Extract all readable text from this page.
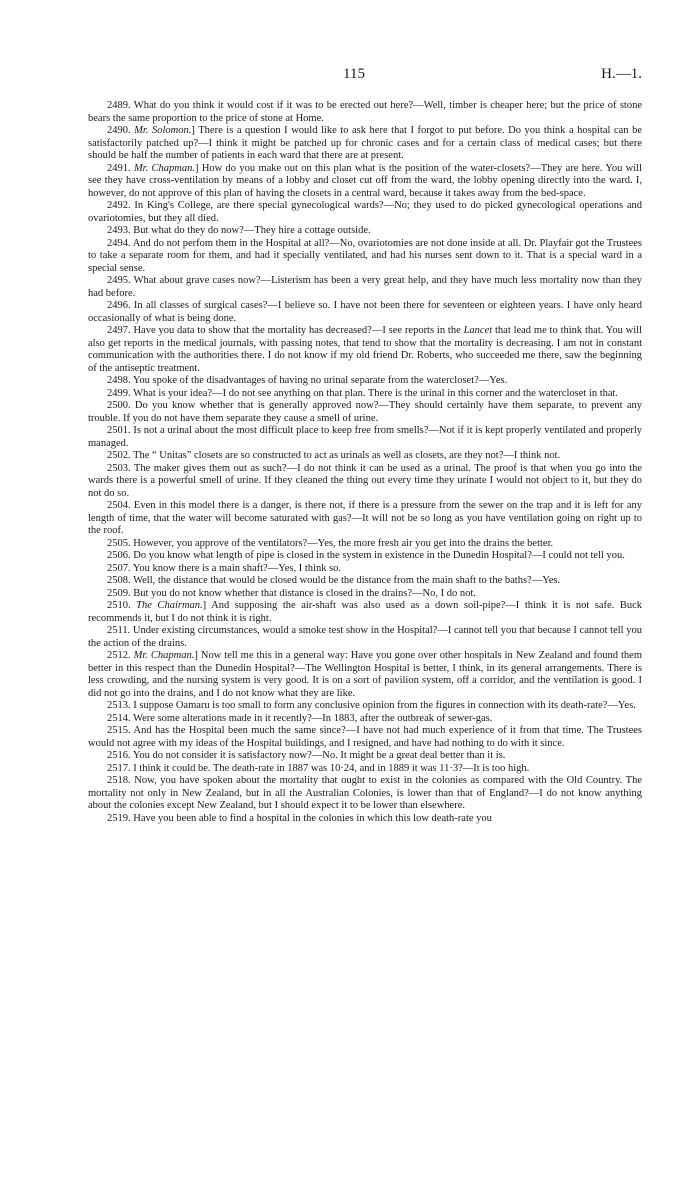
115	H.—1.

2489. What do you think it would cost if it was to be erected out here?—Well, timber is cheaper here; but the price of stone bears the same proportion to the price of stone at Home.

2490. Mr. Solomon.] There is a question I would like to ask here that I forgot to put before. Do you think a hospital can be satisfactorily patched up?—I think it might be patched up for chronic cases and for a certain class of medical cases; but there should be half the number of patients in each ward that there are at present.

2491. Mr. Chapman.] How do you make out on this plan what is the position of the water-closets?—They are here. You will see they have cross-ventilation by means of a lobby and closet cut off from the ward, the lobby opening directly into the ward. I, however, do not approve of this plan of having the closets in a central ward, because it takes away from the bed-space.

2492. In King's College, are there special gynecological wards?—No; they used to do picked gynecological operations and ovariotomies, but they all died.

2493. But what do they do now?—They hire a cottage outside.

2494. And do not perfom them in the Hospital at all?—No, ovariotomies are not done inside at all. Dr. Playfair got the Trustees to take a separate room for them, and had it specially ventilated, and had his nurses sent down to it. That is a special ward in a special sense.

2495. What about grave cases now?—Listerism has been a very great help, and they have much less mortality now than they had before.

2496. In all classes of surgical cases?—I believe so. I have not been there for seventeen or eighteen years. I have only heard occasionally of what is being done.

2497. Have you data to show that the mortality has decreased?—I see reports in the Lancet that lead me to think that. You will also get reports in the medical journals, with passing notes, that tend to show that the mortality is decreasing. I am not in constant communication with the authorities there. I do not know if my old friend Dr. Roberts, who succeeded me there, saw the beginning of the antiseptic treatment.

2498. You spoke of the disadvantages of having no urinal separate from the watercloset?—Yes.

2499. What is your idea?—I do not see anything on that plan. There is the urinal in this corner and the watercloset in that.

2500. Do you know whether that is generally approved now?—They should certainly have them separate, to prevent any trouble. If you do not have them separate they cause a smell of urine.

2501. Is not a urinal about the most difficult place to keep free from smells?—Not if it is kept properly ventilated and properly managed.

2502. The “ Unitas” closets are so constructed to act as urinals as well as closets, are they not?—I think not.

2503. The maker gives them out as such?—I do not think it can be used as a urinal. The proof is that when you go into the wards there is a powerful smell of urine. If they cleaned the thing out every time they urinate I would not object to it, but they do not do so.

2504. Even in this model there is a danger, is there not, if there is a pressure from the sewer on the trap and it is left for any length of time, that the water will become saturated with gas?—It will not be so long as you have ventilation going on right up to the roof.

2505. However, you approve of the ventilators?—Yes, the more fresh air you get into the drains the better.

2506. Do you know what length of pipe is closed in the system in existence in the Dunedin Hospital?—I could not tell you.

2507. You know there is a main shaft?—Yes, I think so.

2508. Well, the distance that would be closed would be the distance from the main shaft to the baths?—Yes.

2509. But you do not know whether that distance is closed in the drains?—No, I do not.

2510. The Chairman.] And supposing the air-shaft was also used as a down soil-pipe?—I think it is not safe. Buck recommends it, but I do not think it is right.

2511. Under existing circumstances, would a smoke test show in the Hospital?—I cannot tell you that because I cannot tell you the action of the drains.

2512. Mr. Chapman.] Now tell me this in a general way: Have you gone over other hospitals in New Zealand and found them better in this respect than the Dunedin Hospital?—The Wellington Hospital is better, I think, in its general arrangements. There is less crowding, and the nursing system is very good. It is on a sort of pavilion system, off a corridor, and the ventilation is good. I did not go into the drains, and I do not know what they are like.

2513. I suppose Oamaru is too small to form any conclusive opinion from the figures in connection with its death-rate?—Yes.

2514. Were some alterations made in it recently?—In 1883, after the outbreak of sewer-gas.

2515. And has the Hospital been much the same since?—I have not had much experience of it from that time. The Trustees would not agree with my ideas of the Hospital buildings, and I resigned, and have had nothing to do with it since.

2516. You do not consider it is satisfactory now?—No. It might be a great deal better than it is.

2517. I think it could be. The death-rate in 1887 was 10·24, and in 1889 it was 11·3?—It is too high.

2518. Now, you have spoken about the mortality that ought to exist in the colonies as compared with the Old Country. The mortality not only in New Zealand, but in all the Australian Colonies, is lower than that of England?—I do not know anything about the colonies except New Zealand, but I should expect it to be lower than elsewhere.

2519. Have you been able to find a hospital in the colonies in which this low death-rate you
